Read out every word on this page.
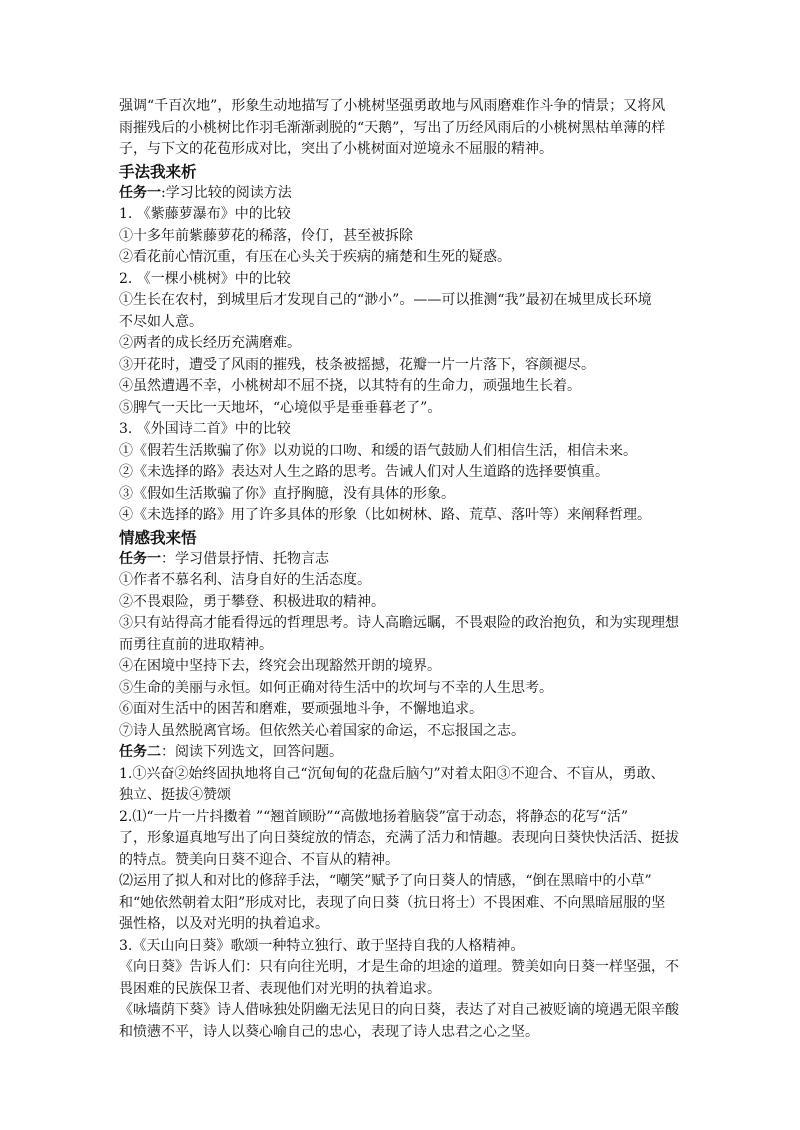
强调“千百次地”，形象生动地描写了小桃树坚强勇敢地与风雨磨难作斗争的情景；又将风
雨摧残后的小桃树比作羽毛渐渐剥脱的“天鹅”，写出了历经风雨后的小桃树黑枯单薄的样
子，与下文的花苞形成对比，突出了小桃树面对逆境永不屈服的精神。
手法我来析
任务一:学习比较的阅读方法
1. 《紫藤萝瀑布》中的比较
①十多年前紫藤萝花的稀落，伶仃，甚至被拆除
②看花前心情沉重，有压在心头关于疾病的痛楚和生死的疑惑。
2. 《一棵小桃树》中的比较
①生长在农村，到城里后才发现自己的“渺小”。——可以推测“我”最初在城里成长环境
不尽如人意。
②两者的成长经历充满磨难。
③开花时，遭受了风雨的摧残，枝条被摇撼，花瓣一片一片落下，容颜褪尽。
④虽然遭遇不幸，小桃树却不屈不挠，以其特有的生命力，顽强地生长着。
⑤脾气一天比一天地坏，“心境似乎是垂垂暮老了”。
3. 《外国诗二首》中的比较
①《假若生活欺骗了你》以劝说的口吻、和缓的语气鼓励人们相信生活，相信未来。
②《未选择的路》表达对人生之路的思考。告诫人们对人生道路的选择要慎重。
③《假如生活欺骗了你》直抒胸臆，没有具体的形象。
④《未选择的路》用了许多具体的形象（比如树林、路、荒草、落叶等）来阐释哲理。
情感我来悟
任务一：学习借景抒情、托物言志
①作者不慕名利、洁身自好的生活态度。
②不畏艰险，勇于攀登、积极进取的精神。
③只有站得高才能看得远的哲理思考。诗人高瞻远瞩，不畏艰险的政治抱负，和为实现理想
而勇往直前的进取精神。
④在困境中坚持下去，终究会出现豁然开朗的境界。
⑤生命的美丽与永恒。如何正确对待生活中的坎坷与不幸的人生思考。
⑥面对生活中的困苦和磨难，要顽强地斗争，不懈地追求。
⑦诗人虽然脱离官场。但依然关心着国家的命运，不忘报国之志。
任务二：阅读下列选文，回答问题。
1.①兴奋②始终固执地将自己“沉甸甸的花盘后脑勺”对着太阳③不迎合、不盲从，勇敢、
独立、挺拔④赞颂
2.⑴“一片一片抖擞着 ”“翘首顾盼”“高傲地扬着脑袋”富于动态，将静态的花写“活”
了，形象逼真地写出了向日葵绽放的情态，充满了活力和情趣。表现向日葵快快活活、挺拔
的特点。赞美向日葵不迎合、不盲从的精神。
⑵运用了拟人和对比的修辞手法，“嘲笑”赋予了向日葵人的情感，“倒在黑暗中的小草”
和“她依然朝着太阳”形成对比，表现了向日葵（抗日将士）不畏困难、不向黑暗屈服的坚
强性格，以及对光明的执着追求。
3.《天山向日葵》歌颂一种特立独行、敢于坚持自我的人格精神。
《向日葵》告诉人们：只有向往光明，才是生命的坦途的道理。赞美如向日葵一样坚强，不
畏困难的民族保卫者、表现他们对光明的执着追求。
《咏墙荫下葵》诗人借咏独处阴幽无法见日的向日葵，表达了对自己被贬谪的境遇无限辛酸
和愤懑不平，诗人以葵心喻自己的忠心，表现了诗人忠君之心之坚。
